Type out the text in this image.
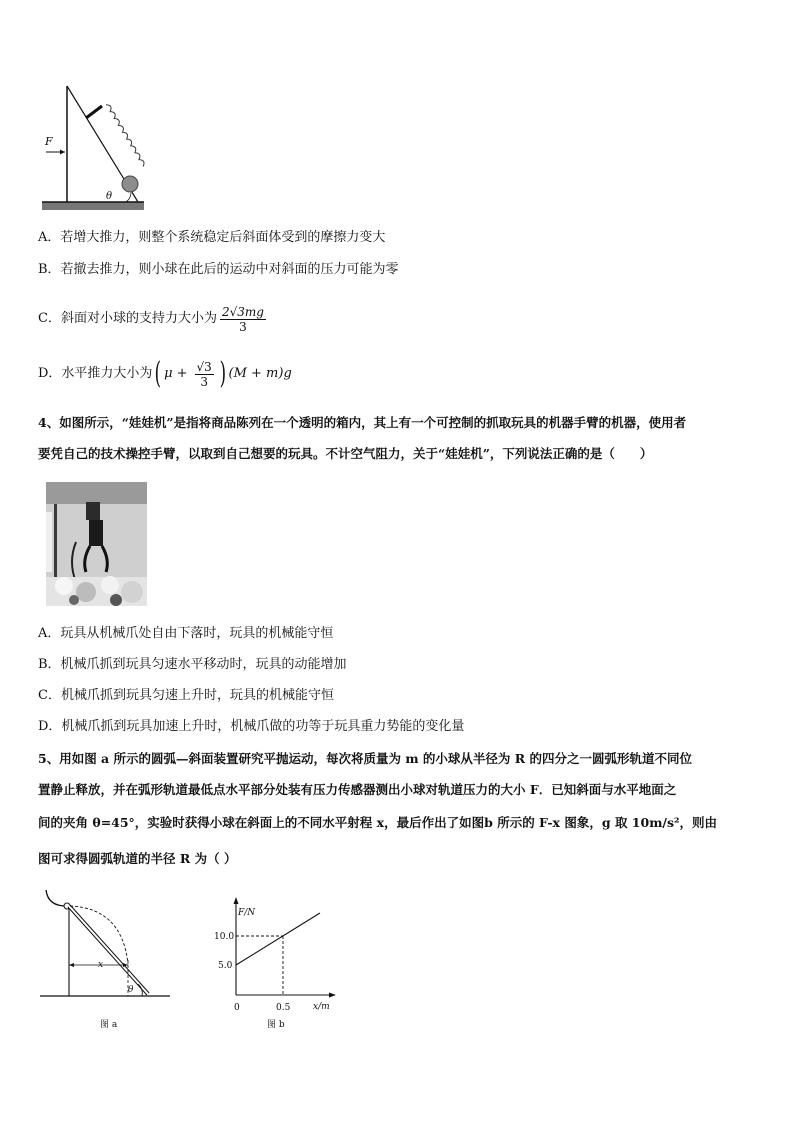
F
θ
A．若增大推力，则整个系统稳定后斜面体受到的摩擦力变大
B．若撤去推力，则小球在此后的运动中对斜面的压力可能为零
C．斜面对小球的支持力大小为 $\frac{2√3mg}{3}$
D．水平推力大小为 ( $\mu + \frac{√3}{3}$ ) (M + m)g
4、如图所示，“娃娃机”是指将商品陈列在一个透明的箱内，其上有一个可控制的抓取玩具的机器手臂的机器，使用者
要凭自己的技术操控手臂，以取到自己想要的玩具。不计空气阻力，关于“娃娃机”，下列说法正确的是（　　）
A．玩具从机械爪处自由下落时，玩具的机械能守恒
B．机械爪抓到玩具匀速水平移动时，玩具的动能增加
C．机械爪抓到玩具匀速上升时，玩具的机械能守恒
D．机械爪抓到玩具加速上升时，机械爪做的功等于玩具重力势能的变化量
5、用如图 a 所示的圆弧—斜面装置研究平抛运动，每次将质量为 m 的小球从半径为 R 的四分之一圆弧形轨道不同位
置静止释放，并在弧形轨道最低点水平部分处装有压力传感器测出小球对轨道压力的大小 F．已知斜面与水平地面之
间的夹角 θ=45°，实验时获得小球在斜面上的不同水平射程 x，最后作出了如图b 所示的 F-x 图象，g 取 10m/s²，则由
图可求得圆弧轨道的半径 R 为（ ）
x
θ
图 a
F/N
x/m
10.0
5.0
0	0.5
图 b
